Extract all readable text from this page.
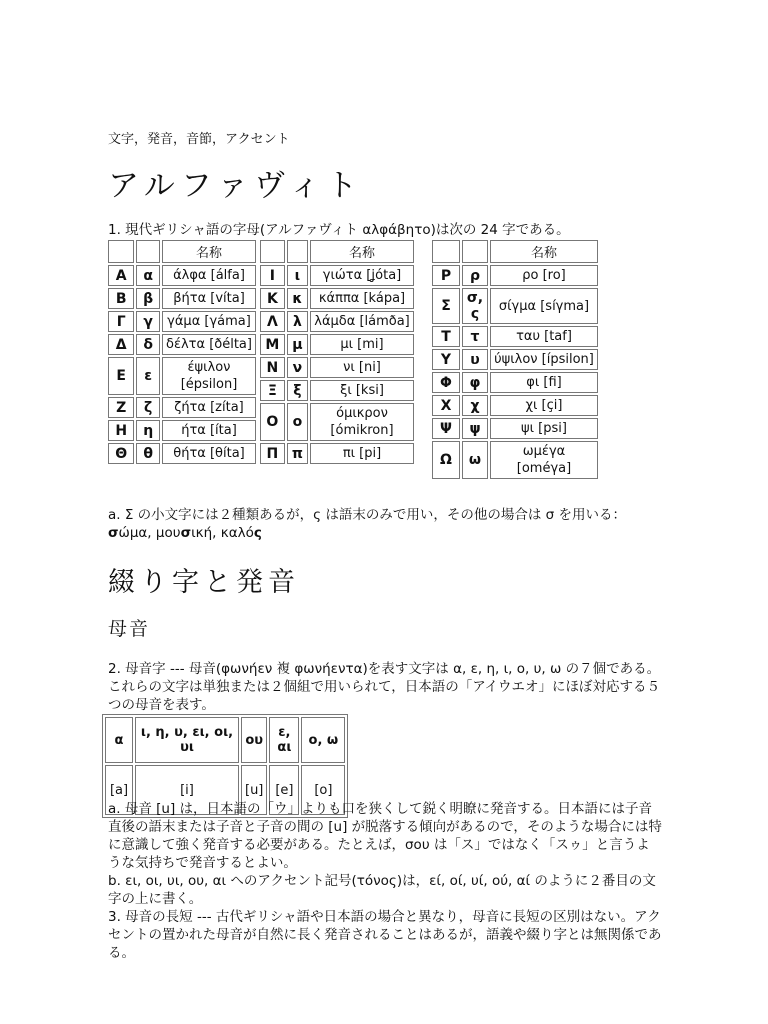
文字，発音，音節，アクセント
アルファヴィト
1. 現代ギリシャ語の字母(アルファヴィト αλφάβητο)は次の 24 字である。
		名称
Α	α	άλφα [álfa]
Β	β	βήτα [víta]
Γ	γ	γάμα [γáma]
Δ	δ	δέλτα [ðélta]
Ε	ε	έψιλον [épsilon]
Ζ	ζ	ζήτα [zíta]
Η	η	ήτα [íta]
Θ	θ	θήτα [θíta]
		名称
Ι	ι	γιώτα [ʝóta]
Κ	κ	κάππα [kápa]
Λ	λ	λάμδα [lámða]
Μ	μ	μι [mi]
Ν	ν	νι [ni]
Ξ	ξ	ξι [ksi]
Ο	ο	όμικρον [ómikron]
Π	π	πι [pi]
		名称
Ρ	ρ	ρο [ro]
Σ	σ, ς	σίγμα [síγma]
Τ	τ	ταυ [taf]
Υ	υ	ύψιλον [ípsilon]
Φ	φ	φι [fi]
Χ	χ	χι [çi]
Ψ	ψ	ψι [psi]
Ω	ω	ωμέγα [oméγa]
a. Σ の小文字には２種類あるが，ς は語末のみで用い，その他の場合は σ を用いる： σώμα, μουσική, καλός
綴り字と発音
母音
2. 母音字 --- 母音(φωνήεν 複 φωνήεντα)を表す文字は α, ε, η, ι, ο, υ, ω の７個である。これらの文字は単独または２個組で用いられて，日本語の「アイウエオ」にほぼ対応する５つの母音を表す。
α	ι, η, υ, ει, οι, υι	ου	ε, αι	ο, ω
[a]	[i]	[u]	[e]	[o]
a. 母音 [u] は，日本語の「ウ」よりも口を狭くして鋭く明瞭に発音する。日本語には子音直後の語末または子音と子音の間の [u] が脱落する傾向があるので，そのような場合には特に意識して強く発音する必要がある。たとえば，σου は「ス」ではなく「スゥ」と言うような気持ちで発音するとよい。
b. ει, οι, υι, ου, αι へのアクセント記号(τόνος)は，εί, οί, υί, ού, αί のように２番目の文字の上に書く。
3. 母音の長短 --- 古代ギリシャ語や日本語の場合と異なり，母音に長短の区別はない。アクセントの置かれた母音が自然に長く発音されることはあるが，語義や綴り字とは無関係である。
